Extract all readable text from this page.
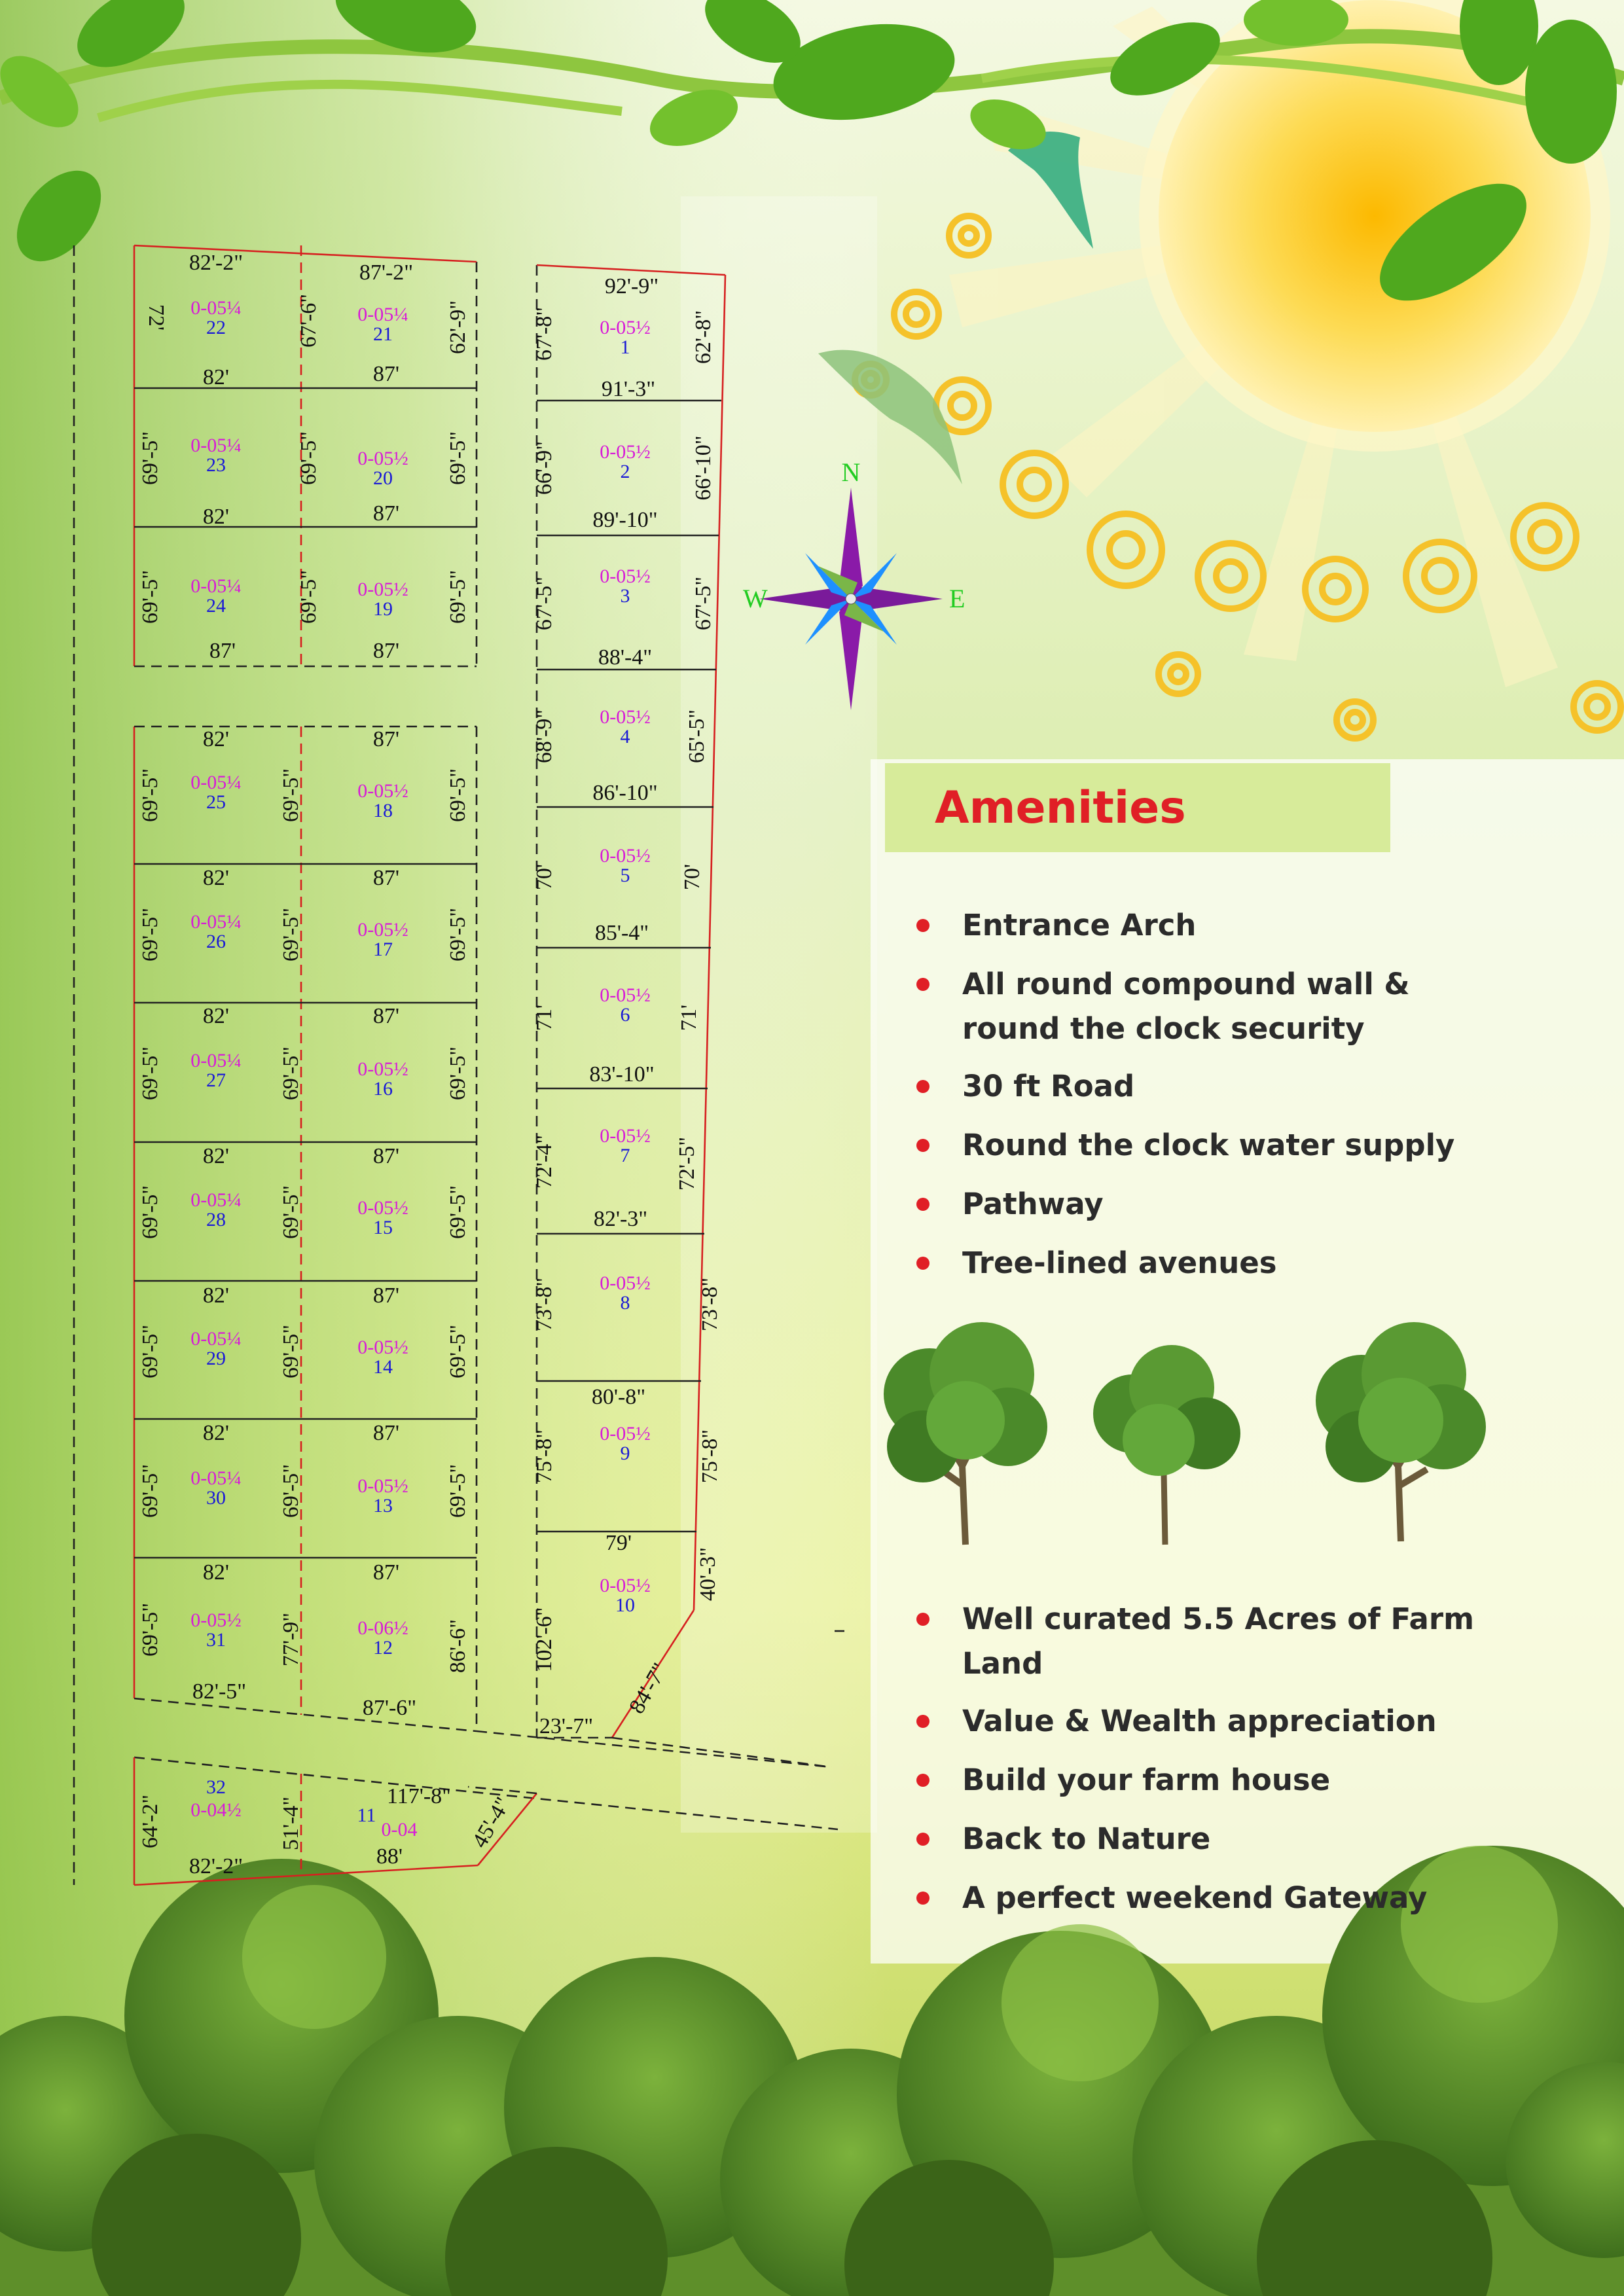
82'-2"	87'-2"
92'-9"
72'	67'-6"	62'-9"	67'-8"	62'-8"
82'	87'
91'-3"
69'-5"	69'-5"	69'-5"	66'-9"	66'-10"
82'	87'	89'-10"
69'-5"	69'-5"	69'-5"	67'-5"	67'-5"
87'	87'	88'-4"
82'	87'	68'-9"	65'-5"
69'-5"	69'-5"	69'-5"	86'-10"
82'	87'	70'	70'
69'-5"	69'-5"	69'-5"	85'-4"
82'	87'	71'	71'
69'-5"	69'-5"	69'-5"	83'-10"
82'	87'	72'-4"	72'-5"
69'-5"	69'-5"	69'-5"	82'-3"
82'	87'	73'-8"	73'-8"
69'-5"	69'-5"	69'-5"
80'-8"
82'	87'	75'-8"	75'-8"
69'-5"	69'-5"	69'-5"
79'
82'	87'
102'-6"
40'-3"
69'-5"	77'-9"	86'-6"
82'-5"
87'-6"
23'-7"
84'-7"
117'-8" 45'-4"
64'-2"	51'-4"
82'-2"	88'
0-05¼
22
0-05¼
21	0-05½
1
0-05¼
23	0-05½
20
0-05½
2
0-05¼
24
0-05½
19
0-05½
3
0-05¼
25
0-05½
18
0-05½
4
0-05¼
26
0-05½
17
0-05½
5
0-05¼
27
0-05½
16
0-05½
6
0-05¼
28
0-05½
15
0-05½
7
0-05¼
29
0-05½
14
0-05½
8
0-05¼
30
0-05½
13
0-05½
9
0-05½
31
0-06½
12
0-05½
10
32
0-04½	11
0-04
N
E
W
Amenities
Entrance Arch
All round compound wall & round the clock security
30 ft Road
Round the clock water supply
Pathway
Tree-lined avenues
Well curated 5.5 Acres of Farm Land
Value & Wealth appreciation
Build your farm house
Back to Nature
A perfect weekend Gateway
